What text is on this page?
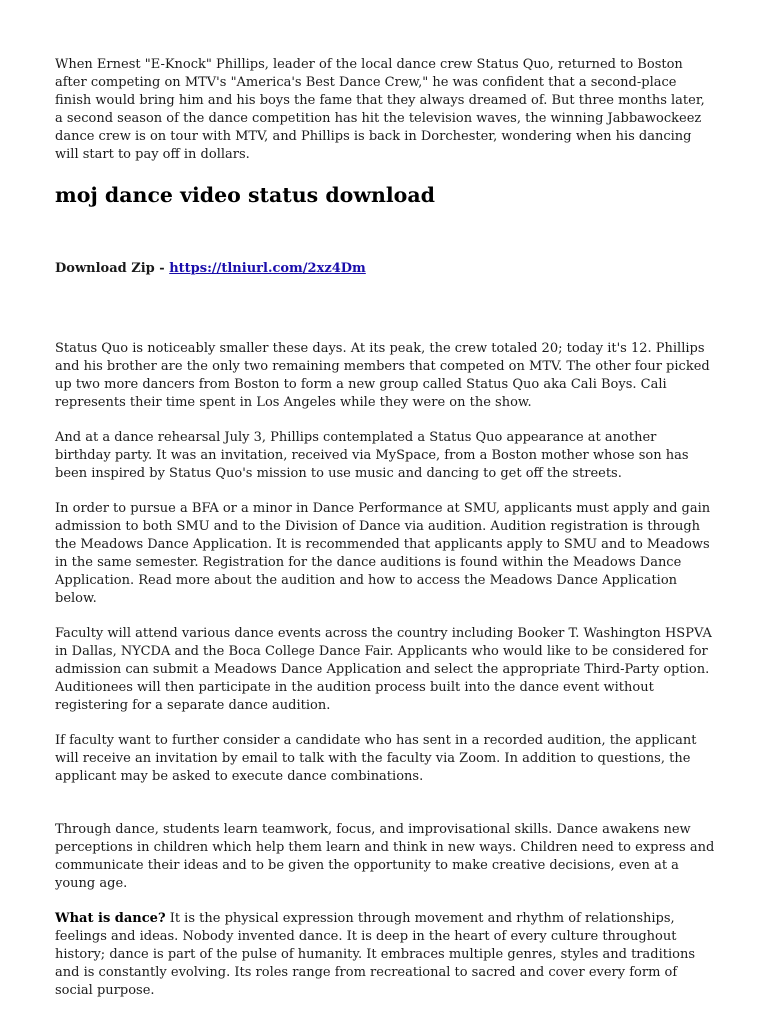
When Ernest "E-Knock" Phillips, leader of the local dance crew Status Quo, returned to Boston after competing on MTV's "America's Best Dance Crew," he was confident that a second-place finish would bring him and his boys the fame that they always dreamed of. But three months later, a second season of the dance competition has hit the television waves, the winning Jabbawockeez dance crew is on tour with MTV, and Phillips is back in Dorchester, wondering when his dancing will start to pay off in dollars.

moj dance video status download

Download Zip - https://tlniurl.com/2xz4Dm

Status Quo is noticeably smaller these days. At its peak, the crew totaled 20; today it's 12. Phillips and his brother are the only two remaining members that competed on MTV. The other four picked up two more dancers from Boston to form a new group called Status Quo aka Cali Boys. Cali represents their time spent in Los Angeles while they were on the show.

And at a dance rehearsal July 3, Phillips contemplated a Status Quo appearance at another birthday party. It was an invitation, received via MySpace, from a Boston mother whose son has been inspired by Status Quo's mission to use music and dancing to get off the streets.

In order to pursue a BFA or a minor in Dance Performance at SMU, applicants must apply and gain admission to both SMU and to the Division of Dance via audition. Audition registration is through the Meadows Dance Application. It is recommended that applicants apply to SMU and to Meadows in the same semester. Registration for the dance auditions is found within the Meadows Dance Application. Read more about the audition and how to access the Meadows Dance Application below.

Faculty will attend various dance events across the country including Booker T. Washington HSPVA in Dallas, NYCDA and the Boca College Dance Fair. Applicants who would like to be considered for admission can submit a Meadows Dance Application and select the appropriate Third-Party option. Auditionees will then participate in the audition process built into the dance event without registering for a separate dance audition.

If faculty want to further consider a candidate who has sent in a recorded audition, the applicant will receive an invitation by email to talk with the faculty via Zoom. In addition to questions, the applicant may be asked to execute dance combinations.

Through dance, students learn teamwork, focus, and improvisational skills. Dance awakens new perceptions in children which help them learn and think in new ways. Children need to express and communicate their ideas and to be given the opportunity to make creative decisions, even at a young age.

What is dance? It is the physical expression through movement and rhythm of relationships, feelings and ideas. Nobody invented dance. It is deep in the heart of every culture throughout history; dance is part of the pulse of humanity. It embraces multiple genres, styles and traditions and is constantly evolving. Its roles range from recreational to sacred and cover every form of social purpose.
